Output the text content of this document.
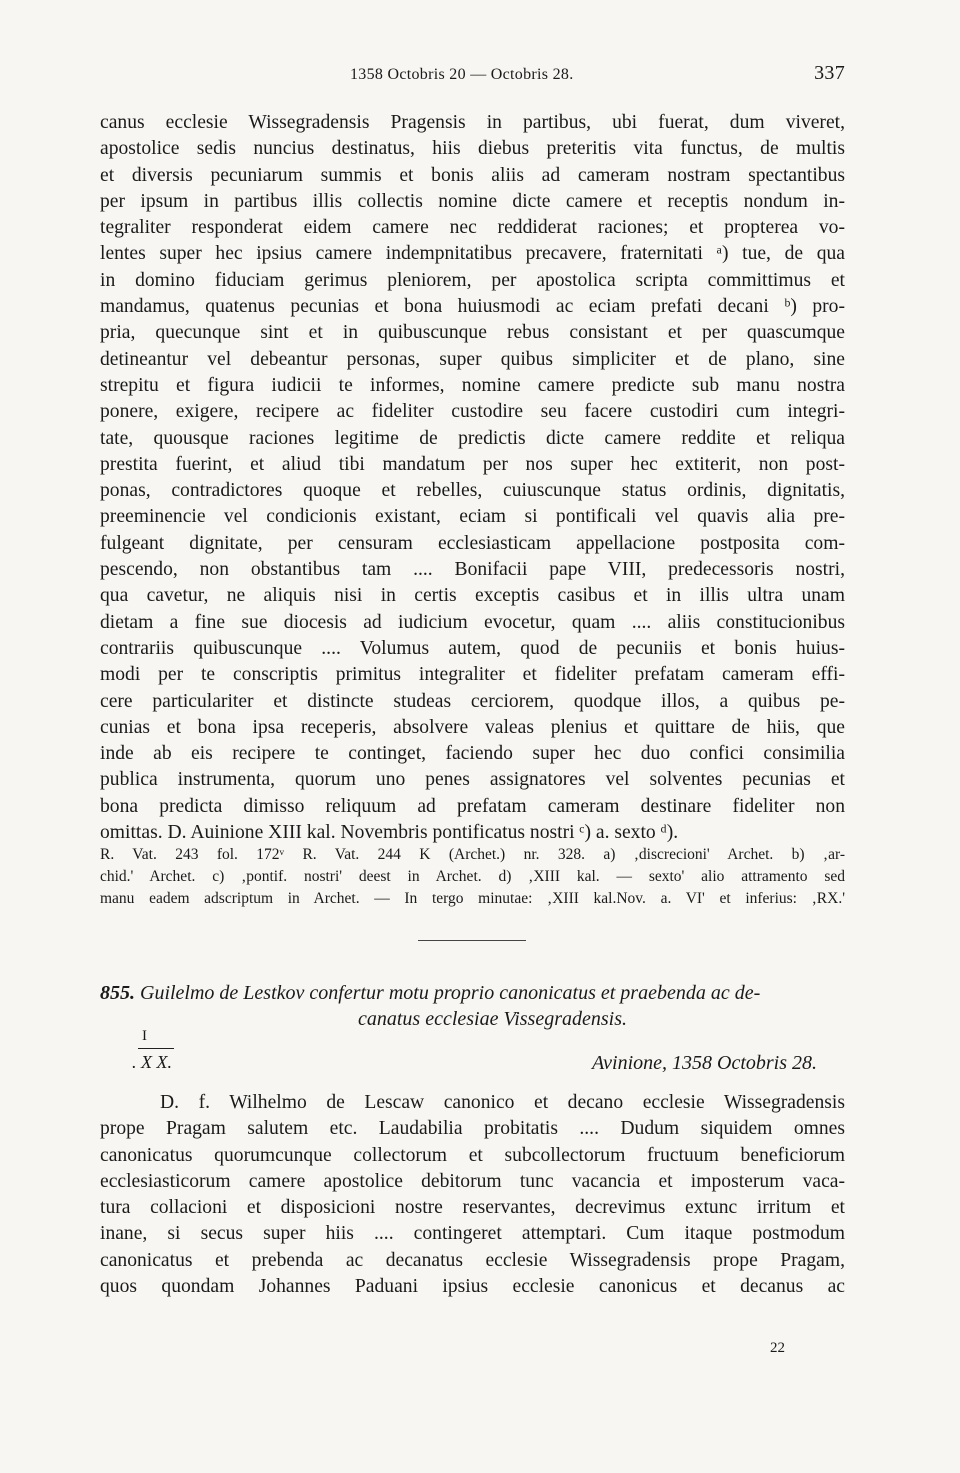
1358 Octobris 20 — Octobris 28.	337
canus ecclesie Wissegradensis Pragensis in partibus, ubi fuerat, dum viveret,
apostolice sedis nuncius destinatus, hiis diebus preteritis vita functus, de multis
et diversis pecuniarum summis et bonis aliis ad cameram nostram spectantibus
per ipsum in partibus illis collectis nomine dicte camere et receptis nondum in-
tegraliter responderat eidem camere nec reddiderat raciones; et propterea vo-
lentes super hec ipsius camere indempnitatibus precavere, fraternitati ᵃ) tue, de qua
in domino fiduciam gerimus pleniorem, per apostolica scripta committimus et
mandamus, quatenus pecunias et bona huiusmodi ac eciam prefati decani ᵇ) pro-
pria, quecunque sint et in quibuscunque rebus consistant et per quascumque
detineantur vel debeantur personas, super quibus simpliciter et de plano, sine
strepitu et figura iudicii te informes, nomine camere predicte sub manu nostra
ponere, exigere, recipere ac fideliter custodire seu facere custodiri cum integri-
tate, quousque raciones legitime de predictis dicte camere reddite et reliqua
prestita fuerint, et aliud tibi mandatum per nos super hec extiterit, non post-
ponas, contradictores quoque et rebelles, cuiuscunque status ordinis, dignitatis,
preeminencie vel condicionis existant, eciam si pontificali vel quavis alia pre-
fulgeant dignitate, per censuram ecclesiasticam appellacione postposita com-
pescendo, non obstantibus tam .... Bonifacii pape VIII, predecessoris nostri,
qua cavetur, ne aliquis nisi in certis exceptis casibus et in illis ultra unam
dietam a fine sue diocesis ad iudicium evocetur, quam .... aliis constitucionibus
contrariis quibuscunque .... Volumus autem, quod de pecuniis et bonis huius-
modi per te conscriptis primitus integraliter et fideliter prefatam cameram effi-
cere particulariter et distincte studeas cerciorem, quodque illos, a quibus pe-
cunias et bona ipsa receperis, absolvere valeas plenius et quittare de hiis, que
inde ab eis recipere te continget, faciendo super hec duo confici consimilia
publica instrumenta, quorum uno penes assignatores vel solventes pecunias et
bona predicta dimisso reliquum ad prefatam cameram destinare fideliter non
omittas. D. Auinione XIII kal. Novembris pontificatus nostri ᶜ) a. sexto ᵈ).
R. Vat. 243 fol. 172ᵛ R. Vat. 244 K (Archet.) nr. 328. a) ‚discrecioni' Archet. b) ‚ar-
chid.' Archet. c) ‚pontif. nostri' deest in Archet. d) ‚XIII kal. — sexto' alio attramento sed
manu eadem adscriptum in Archet. — In tergo minutae: ‚XIII kal.Nov. a. VI' et inferius: ‚RX.'
855. Guilelmo de Lestkov confertur motu proprio canonicatus et praebenda ac de-
canatus ecclesiae Vissegradensis.
I
. X X.	Avinione, 1358 Octobris 28.
D. f. Wilhelmo de Lescaw canonico et decano ecclesie Wissegradensis
prope Pragam salutem etc. Laudabilia probitatis .... Dudum siquidem omnes
canonicatus quorumcunque collectorum et subcollectorum fructuum beneficiorum
ecclesiasticorum camere apostolice debitorum tunc vacancia et imposterum vaca-
tura collacioni et disposicioni nostre reservantes, decrevimus extunc irritum et
inane, si secus super hiis .... contingeret attemptari. Cum itaque postmodum
canonicatus et prebenda ac decanatus ecclesie Wissegradensis prope Pragam,
quos quondam Johannes Paduani ipsius ecclesie canonicus et decanus ac
22
